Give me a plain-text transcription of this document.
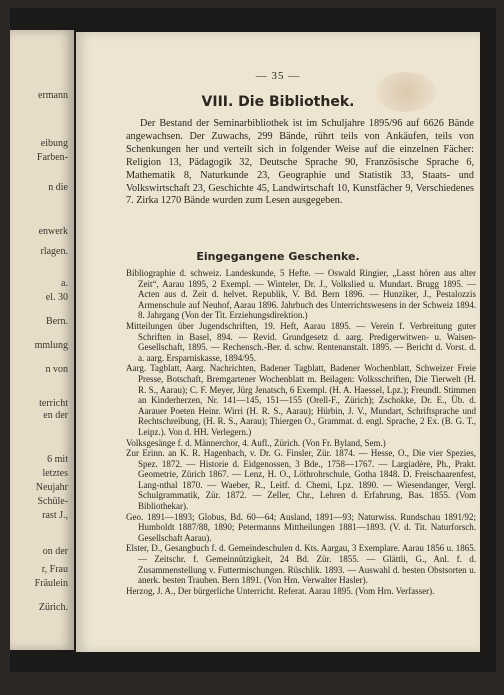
ermann
eibung
Farben-
n die
enwerk
rlagen.
a.
el. 30
Bern.
mmlung
n von
terricht
en der
6 mit
letztes
Neujahr
Schüle-
rast J.,
on der
r, Frau
Fräulein
Zürich.
— 35 —
VIII. Die Bibliothek.

Der Bestand der Seminarbibliothek ist im Schuljahre 1895/96 auf 6626 Bände angewachsen. Der Zuwachs, 299 Bände, rührt teils von Ankäufen, teils von Schenkungen her und verteilt sich in folgender Weise auf die einzelnen Fächer: Religion 13, Pädagogik 32, Deutsche Sprache 90, Französische Sprache 6, Mathematik 8, Naturkunde 23, Geographie und Statistik 33, Staats- und Volkswirtschaft 23, Geschichte 45, Landwirtschaft 10, Kunstfächer 9, Verschiedenes 7. Zirka 1270 Bände wurden zum Lesen ausgegeben.

Eingegangene Geschenke.

Bibliographie d. schweiz. Landeskunde, 5 Hefte. — Oswald Ringier, „Lasst hören aus alter Zeit“, Aarau 1895, 2 Exempl. — Winteler, Dr. J., Volkslied u. Mundart. Brugg 1895. — Acten aus d. Zeit d. helvet. Republik, V. Bd. Bern 1896. — Hunziker, J., Pestalozzis Armenschule auf Neuhof, Aarau 1896. Jahrbuch des Unterrichtswesens in der Schweiz 1894. 8. Jahrgang (Von der Tit. Erziehungsdirektion.)

Mitteilungen über Jugendschriften, 19. Heft, Aarau 1895. — Verein f. Verbreitung guter Schriften in Basel, 894. — Revid. Grundgesetz d. aarg. Predigerwitwen- u. Waisen-Gesellschaft, 1895. — Rechensch.-Ber. d. schw. Rentenanstalt. 1895. — Bericht d. Vorst. d. a. aarg. Ersparniskasse, 1894/95.

Aarg. Tagblatt, Aarg. Nachrichten, Badener Tagblatt, Badener Wochenblatt, Schweizer Freie Presse, Botschaft, Bremgartener Wochenblatt m. Beilagen: Volksschriften, Die Tierwelt (H. R. S., Aarau); C. F. Meyer, Jürg Jenatsch, 6 Exempl. (H. A. Haessel, Lpz.); Freundl. Stimmen an Kinderherzen, Nr. 141—145, 151—155 (Orell-F., Zürich); Zschokke, Dr. E., Üb. d. Aarauer Poeten Heinr. Wirri (H. R. S., Aarau); Hürbin, J. V., Mundart, Schriftsprache und Rechtschreibung, (H. R. S., Aarau); Thiergen O., Grammat. d. engl. Sprache, 2 Ex. (B. G. T., Leipz.). Von d. HH. Verlegern.)

Volksgesänge f. d. Männerchor, 4. Aufl., Zürich. (Von Fr. Byland, Sem.)

Zur Erinn. an K. R. Hagenbach, v. Dr. G. Finsler, Zür. 1874. — Hesse, O., Die vier Spezies, Spez. 1872. — Historie d. Eidgenossen, 3 Bde., 1758—1767. — Largiadère, Ph., Prakt. Geometrie, Zürich 1867. — Lenz, H. O., Löthrohrschule, Gotha 1848. D. Freischaarenfest, Lang-nthal 1870. — Waeber, R., Leitf. d. Chemi, Lpz. 1890. — Wiesendanger, Vergl. Schulgrammatik, Zür. 1872. — Zeller, Chr., Lehren d. Erfahrung, Bas. 1855. (Vom Bibliothekar).

Geo. 1891—1893; Globus, Bd. 60—64; Ausland, 1891—93; Naturwiss. Rundschau 1891/92; Humboldt 1887/88, 1890; Petermanns Mittheilungen 1881—1893. (V. d. Tit. Naturforsch. Gesellschaft Aarau).

Elster, D., Gesangbuch f. d. Gemeindeschulen d. Kts. Aargau, 3 Exemplare. Aarau 1856 u. 1865. — Zeitschr. f. Gemeinnützigkeit, 24 Bd. Zür. 1855. — Glättli, G., Anl. f. d. Zusammenstellung v. Futtermischungen. Rüschlik. 1893. — Auswahl d. besten Obstsorten u. anerk. besten Trauben. Bern 1891. (Von Hrn. Verwalter Hasler).

Herzog, J. A., Der bürgerliche Unterricht. Referat. Aarau 1895. (Vom Hrn. Verfasser).
